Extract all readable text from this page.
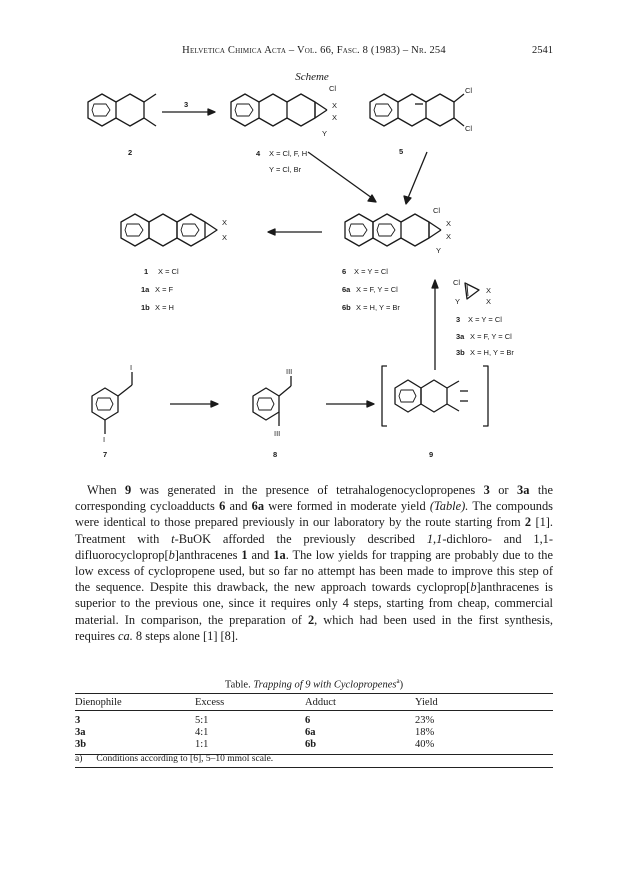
Helvetica Chimica Acta – Vol. 66, Fasc. 8 (1983) – Nr. 254	2541
Scheme
2
3
Cl
X
X
Y
4 X = Cl, F, H
Y = Cl, Br
Cl
Cl
5
X
X
1 X = Cl
1a X = F
1b X = H
Cl
X
X
Y
6 X = Y = Cl
6a X = F, Y = Cl
6b X = H, Y = Br
Cl
X
X
Y
3 X = Y = Cl
3a X = F, Y = Cl
3b X = H, Y = Br
I
I
7
III
III
8	9

When 9 was generated in the presence of tetrahalogenocyclopropenes 3 or 3a the corresponding cycloadducts 6 and 6a were formed in moderate yield (Table). The compounds were identical to those prepared previously in our laboratory by the route starting from 2 [1]. Treatment with t-BuOK afforded the previously described 1,1-dichloro- and 1,1-difluorocycloprop[b]anthracenes 1 and 1a. The low yields for trapping are probably due to the low excess of cyclopropene used, but so far no attempt has been made to improve this step of the sequence. Despite this drawback, the new approach towards cycloprop[b]anthracenes is superior to the previous one, since it requires only 4 steps, starting from cheap, commercial material. In comparison, the preparation of 2, which had been used in the first synthesis, requires ca. 8 steps alone [1] [8].

Table. Trapping of 9 with Cyclopropenes$^a$)
Dienophile	Excess	Adduct	Yield
3	5:1	6	23%
3a	4:1	6a	18%
3b	1:1	6b	40%
a) Conditions according to [6], 5–10 mmol scale.
